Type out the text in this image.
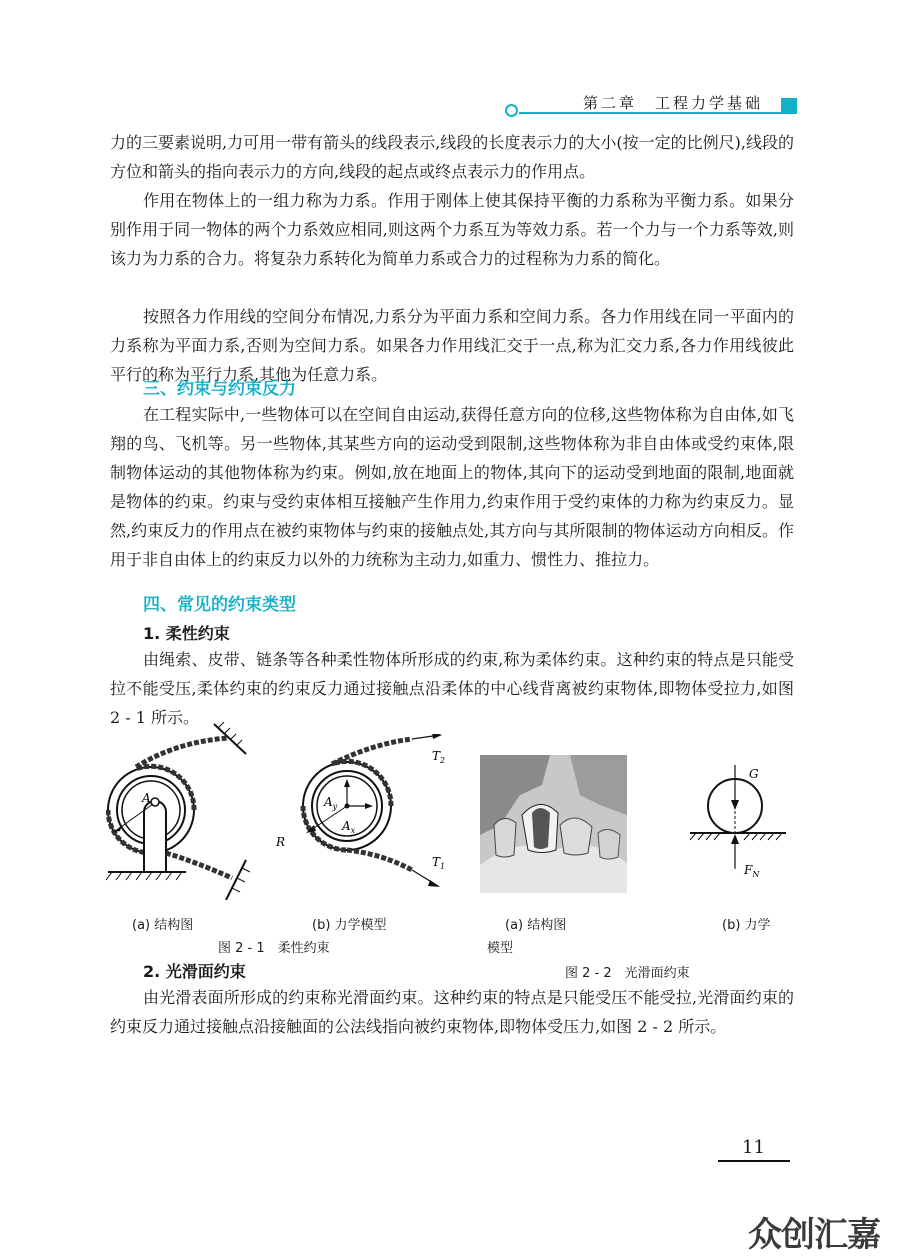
第二章　工程力学基础

力的三要素说明,力可用一带有箭头的线段表示,线段的长度表示力的大小(按一定的比例尺),线段的方位和箭头的指向表示力的方向,线段的起点或终点表示力的作用点。

作用在物体上的一组力称为力系。作用于刚体上使其保持平衡的力系称为平衡力系。如果分别作用于同一物体的两个力系效应相同,则这两个力系互为等效力系。若一个力与一个力系等效,则该力为力系的合力。将复杂力系转化为简单力系或合力的过程称为力系的简化。

按照各力作用线的空间分布情况,力系分为平面力系和空间力系。各力作用线在同一平面内的力系称为平面力系,否则为空间力系。如果各力作用线汇交于一点,称为汇交力系,各力作用线彼此平行的称为平行力系,其他为任意力系。

三、约束与约束反力

在工程实际中,一些物体可以在空间自由运动,获得任意方向的位移,这些物体称为自由体,如飞翔的鸟、飞机等。另一些物体,其某些方向的运动受到限制,这些物体称为非自由体或受约束体,限制物体运动的其他物体称为约束。例如,放在地面上的物体,其向下的运动受到地面的限制,地面就是物体的约束。约束与受约束体相互接触产生作用力,约束作用于受约束体的力称为约束反力。显然,约束反力的作用点在被约束物体与约束的接触点处,其方向与其所限制的物体运动方向相反。作用于非自由体上的约束反力以外的力统称为主动力,如重力、惯性力、推拉力。

四、常见的约束类型
1. 柔性约束

由绳索、皮带、链条等各种柔性物体所形成的约束,称为柔体约束。这种约束的特点是只能受拉不能受压,柔体约束的约束反力通过接触点沿柔体的中心线背离被约束物体,即物体受拉力,如图 2 - 1 所示。

A	$A_y$
$A_x$
R
$T_2$
$T_1$
G
$F_N$
(a) 结构图	(b) 力学模型	(a) 结构图	(b) 力学
图 2 - 1　柔性约束	模型
图 2 - 2　光滑面约束
2. 光滑面约束

由光滑表面所形成的约束称光滑面约束。这种约束的特点是只能受压不能受拉,光滑面约束的约束反力通过接触点沿接触面的公法线指向被约束物体,即物体受压力,如图 2 - 2 所示。

11
众创汇嘉
